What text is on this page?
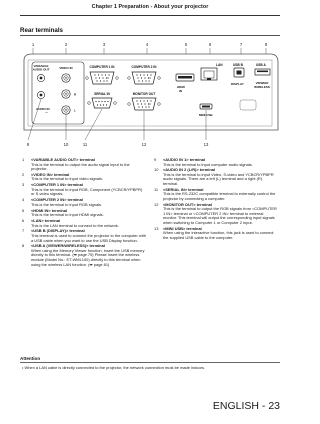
Chapter 1 Preparation - About your projector
Rear terminals
1	2	3	4	5	6	7	8
VARIABLE
AUDIO OUT	VIDEO IN
AUDIO IN
R
L
—
COMPUTER 1 IN	COMPUTER 2 IN
SERIAL IN	MONITOR OUT
HDMI
IN
LAN	USB B
DISPLAY
USB A
VIEWER/
WIRELESS
MINI USB
9	10	11	12	13
1	<VARIABLE AUDIO OUT> terminal
This is the terminal to output the audio signal input to the projector.
2	<VIDEO IN> terminal
This is the terminal to input video signals.
3	<COMPUTER 1 IN> terminal
This is the terminal to input RGB, Component (YCBCR/YPBPR) or S-video signals.
4	<COMPUTER 2 IN> terminal
This is the terminal to input RGB signals.
5	<HDMI IN> terminal
This is the terminal to input HDMI signals.
6	<LAN> terminal
This is the LAN terminal to connect to the network.
7	<USB B (DISPLAY)> terminal
This terminal is used to connect the projector to the computer with a USB cable when you want to use the USB Display function.
8	<USB A (VIEWER/WIRELESS)> terminal
When using the Memory Viewer function, insert the USB memory directly to this terminal. (➡ page 75) Please insert the wireless module (Model No.: ET-WML100) directly to this terminal when using the wireless LAN function. (➡ page 81)
9	<AUDIO IN 1> terminal
This is the terminal to input computer audio signals.
10	<AUDIO IN 2 (L/R)> terminal
This is the terminal to input Video, S-video and YCBCR/YPBPR audio signals. There are a left (L) terminal and a right (R) terminal.
11	<SERIAL IN> terminal
This is the RS-232C compatible terminal to externally control the projector by connecting a computer.
12	<MONITOR OUT> terminal
This is the terminal to output the RGB signals from <COMPUTER 1 IN> terminal or <COMPUTER 2 IN> terminal to external monitor. This terminal will output the corresponding input signals when switching to Computer 1 or Computer 2 input.
13	<MINI USB> terminal
When using the interactive function, this jack is used to connect the supplied USB cable to the computer.
Attention
• When a LAN cable is directly connected to the projector, the network connection must be made indoors.
ENGLISH - 23
